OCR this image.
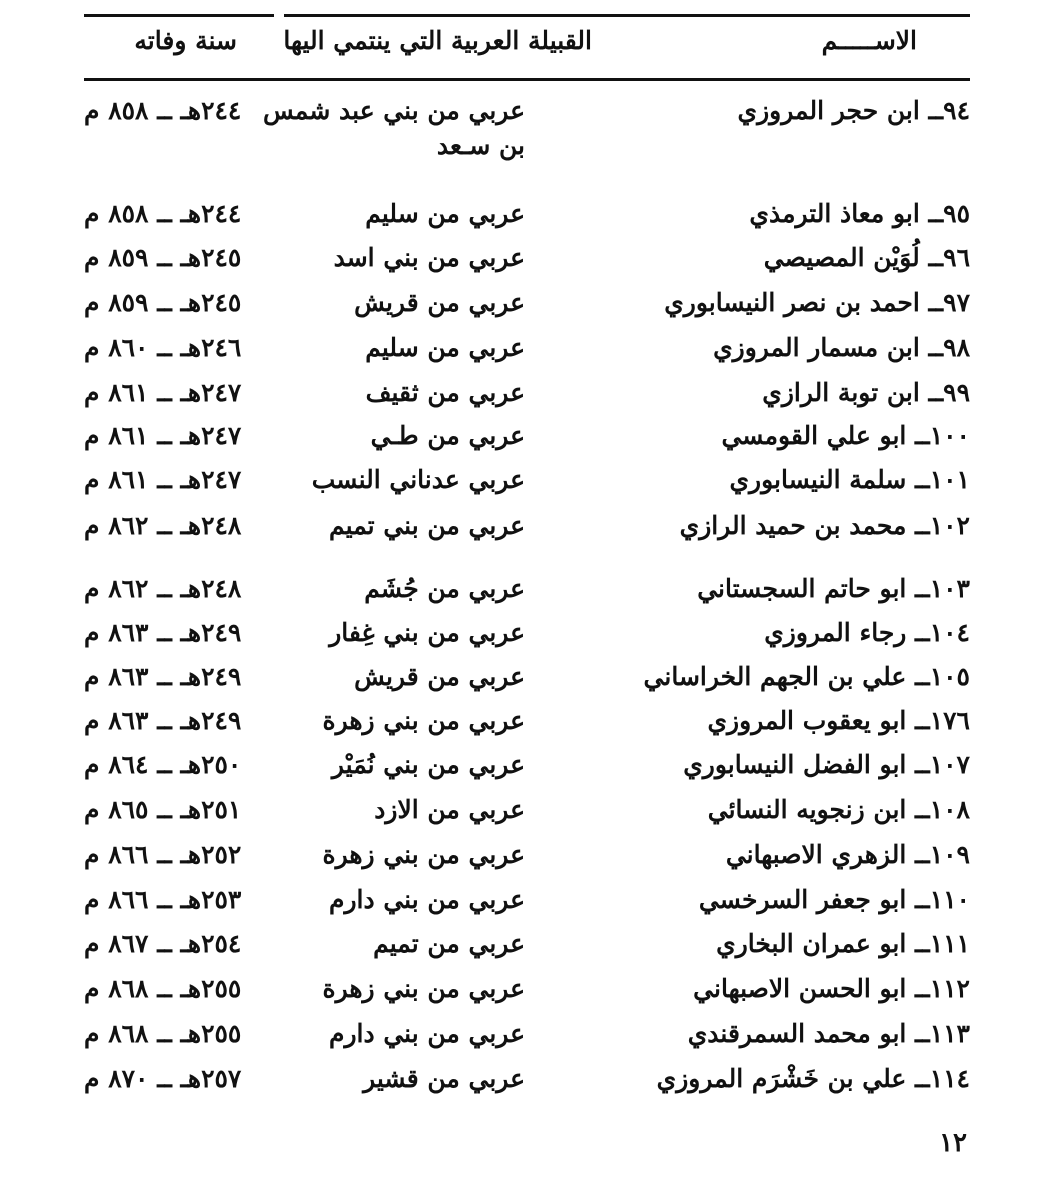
الاســـــم
القبيلة العربية التي ينتمي اليها
سنة وفاته
٩٤ــ ابن حجر المروزي
عربي من بني عبد شمس
بن سـعد
٢٤٤هـ ــ ٨٥٨ م
٩٥ــ ابو معاذ الترمذي
عربي من سليم
٢٤٤هـ ــ ٨٥٨ م
٩٦ــ لُوَيْن المصيصي
عربي من بني اسد
٢٤٥هـ ــ ٨٥٩ م
٩٧ــ احمد بن نصر النيسابوري
عربي من قريش
٢٤٥هـ ــ ٨٥٩ م
٩٨ــ ابن مسمار المروزي
عربي من سليم
٢٤٦هـ ــ ٨٦٠ م
٩٩ــ ابن توبة الرازي
عربي من ثقيف
٢٤٧هـ ــ ٨٦١ م
١٠٠ــ ابو علي القومسي
عربي من طـي
٢٤٧هـ ــ ٨٦١ م
١٠١ــ سلمة النيسابوري
عربي عدناني النسب
٢٤٧هـ ــ ٨٦١ م
١٠٢ــ محمد بن حميد الرازي
عربي من بني تميم
٢٤٨هـ ــ ٨٦٢ م
١٠٣ــ ابو حاتم السجستاني
عربي من جُشَم
٢٤٨هـ ــ ٨٦٢ م
١٠٤ــ رجاء المروزي
عربي من بني غِفار
٢٤٩هـ ــ ٨٦٣ م
١٠٥ــ علي بن الجهم الخراساني
عربي من قريش
٢٤٩هـ ــ ٨٦٣ م
١٧٦ــ ابو يعقوب المروزي
عربي من بني زهرة
٢٤٩هـ ــ ٨٦٣ م
١٠٧ــ ابو الفضل النيسابوري
عربي من بني نُمَيْر
٢٥٠هـ ــ ٨٦٤ م
١٠٨ــ ابن زنجويه النسائي
عربي من الازد
٢٥١هـ ــ ٨٦٥ م
١٠٩ــ الزهري الاصبهاني
عربي من بني زهرة
٢٥٢هـ ــ ٨٦٦ م
١١٠ــ ابو جعفر السرخسي
عربي من بني دارم
٢٥٣هـ ــ ٨٦٦ م
١١١ــ ابو عمران البخاري
عربي من تميم
٢٥٤هـ ــ ٨٦٧ م
١١٢ــ ابو الحسن الاصبهاني
عربي من بني زهرة
٢٥٥هـ ــ ٨٦٨ م
١١٣ــ ابو محمد السمرقندي
عربي من بني دارم
٢٥٥هـ ــ ٨٦٨ م
١١٤ــ علي بن خَشْرَم المروزي
عربي من قشير
٢٥٧هـ ــ ٨٧٠ م
١٢
